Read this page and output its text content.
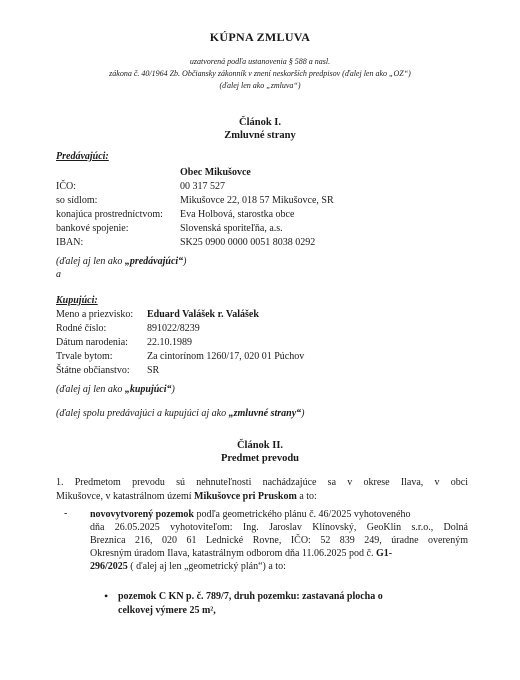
KÚPNA ZMLUVA
uzatvorená podľa ustanovenia § 588 a nasl.
zákona č. 40/1964 Zb. Občiansky zákonník v znení neskorších predpisov (ďalej len ako „OZ“)
(ďalej len ako „zmluva“)
Článok I.
Zmluvné strany
Predávajúci:
Obec Mikušovce
IČO:	00 317 527
so sídlom:	Mikušovce 22, 018 57 Mikušovce, SR
konajúca prostredníctvom: Eva Holbová, starostka obce
bankové spojenie:	Slovenská sporiteľňa, a.s.
IBAN:	SK25 0900 0000 0051 8038 0292
(ďalej aj len ako „predávajúci“)
a
Kupujúci:
Meno a priezvisko: Eduard Valášek r. Valášek
Rodné číslo:	891022/8239
Dátum narodenia: 22.10.1989
Trvale bytom:	Za cintorínom 1260/17, 020 01 Púchov
Štátne občianstvo: SR
(ďalej aj len ako „kupujúci“)
(ďalej spolu predávajúci a kupujúci aj ako „zmluvné strany“)
Článok II.
Predmet prevodu
1. Predmetom prevodu sú nehnuteľnosti nachádzajúce sa v okrese Ilava, v obci
Mikušovce, v katastrálnom území Mikušovce pri Pruskom a to:
- novovytvorený pozemok podľa geometrického plánu č. 46/2025 vyhotoveného
dňa 26.05.2025 vyhotoviteľom: Ing. Jaroslav Klínovský, GeoKlin s.r.o., Dolná
Breznica 216, 020 61 Lednické Rovne, IČO: 52 839 249, úradne overeným
Okresným úradom Ilava, katastrálnym odborom dňa 11.06.2025 pod č. G1-
296/2025 ( ďalej aj len „geometrický plán“) a to:
• pozemok C KN p. č. 789/7, druh pozemku: zastavaná plocha o
celkovej výmere 25 m²,
